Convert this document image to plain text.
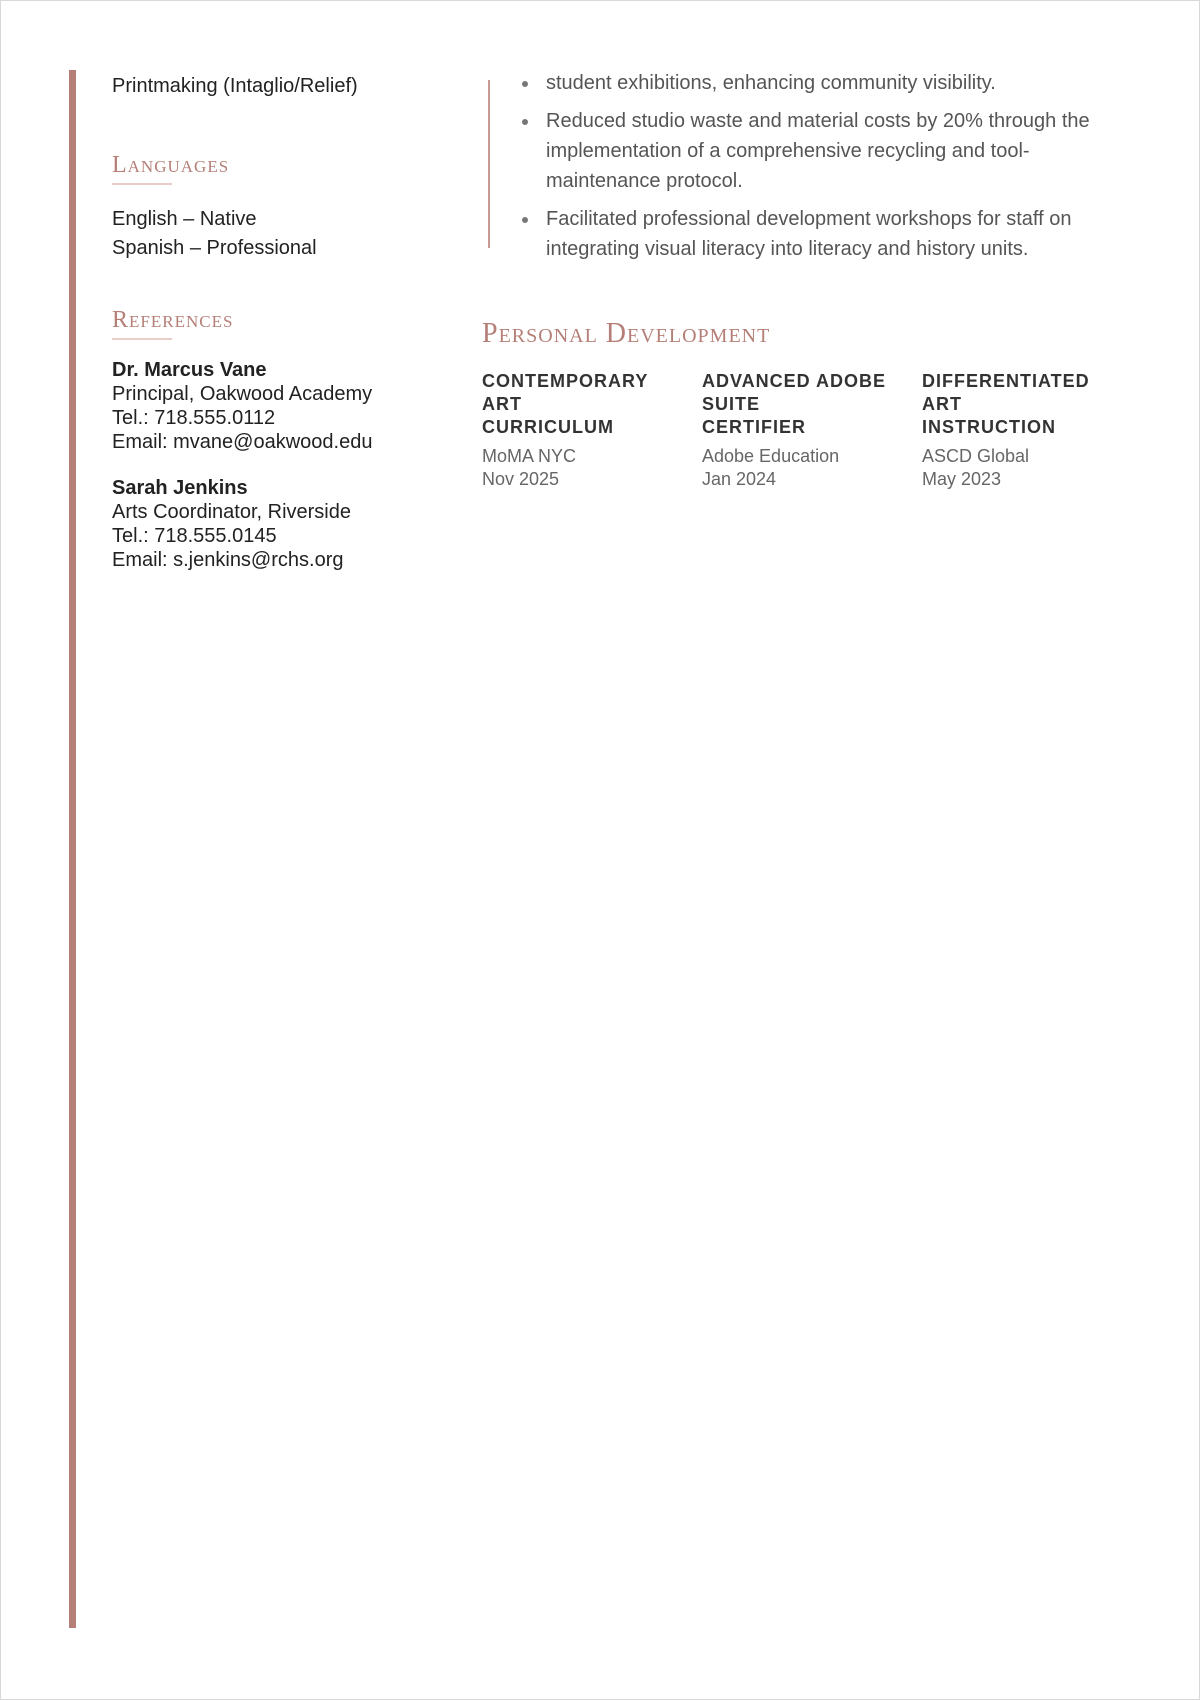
Printmaking (Intaglio/Relief)
Languages
English – Native
Spanish – Professional
References
Dr. Marcus Vane
Principal, Oakwood Academy
Tel.: 718.555.0112
Email: mvane@oakwood.edu
Sarah Jenkins
Arts Coordinator, Riverside
Tel.: 718.555.0145
Email: s.jenkins@rchs.org
student exhibitions, enhancing community visibility.
Reduced studio waste and material costs by 20% through the implementation of a comprehensive recycling and tool-maintenance protocol.
Facilitated professional development workshops for staff on integrating visual literacy into literacy and history units.
Personal Development
CONTEMPORARY
ART
CURRICULUM
MoMA NYC
Nov 2025
ADVANCED ADOBE
SUITE
CERTIFIER
Adobe Education
Jan 2024
DIFFERENTIATED
ART
INSTRUCTION
ASCD Global
May 2023
